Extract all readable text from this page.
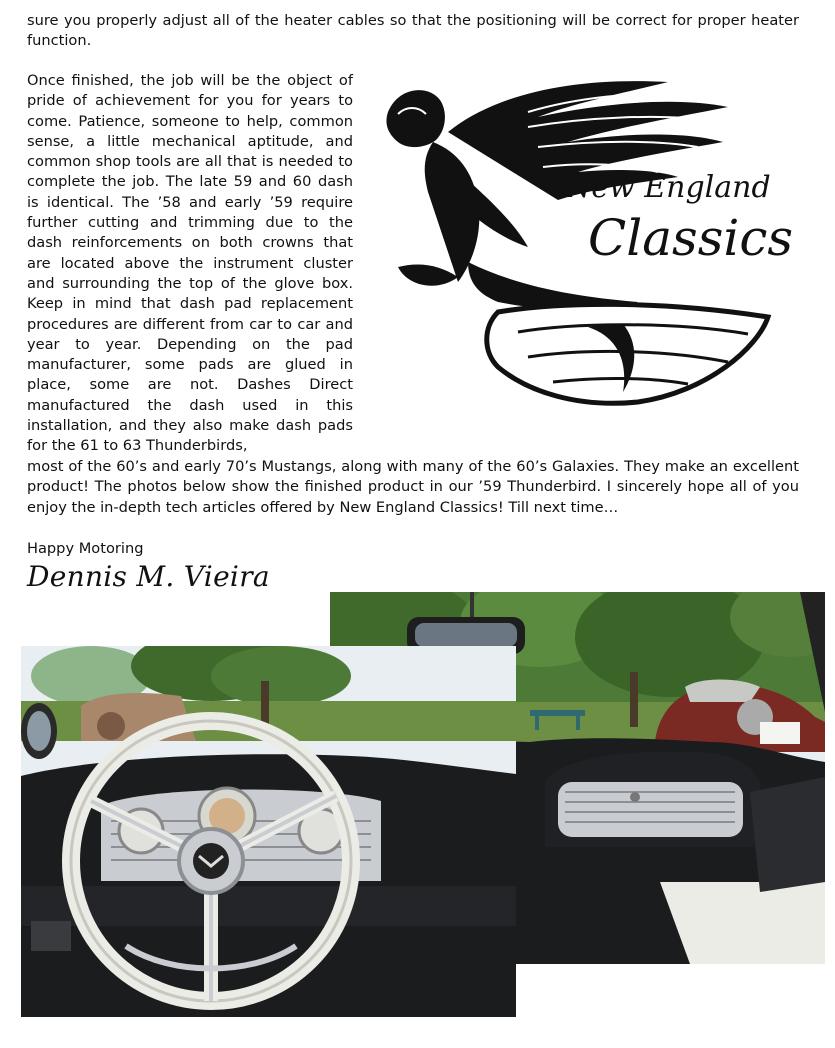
sure you properly adjust all of the heater cables so that the positioning will be correct for proper heater function.

Once finished, the job will be the object of pride of achievement for you for years to come. Patience, someone to help, common sense, a little mechanical aptitude, and common shop tools are all that is needed to complete the job. The late 59 and 60 dash is identical. The ’58 and early ’59 require further cutting and trimming due to the dash reinforcements on both crowns that are located above the instrument cluster and surrounding the top of the glove box. Keep in mind that dash pad replacement procedures are different from car to car and year to year. Depending on the pad manufacturer, some pads are glued in place, some are not. Dashes Direct manufactured the dash used in this installation, and they also make dash pads for the 61 to 63 Thunderbirds,

New England

Classics

most of the 60’s and early 70’s Mustangs, along with many of the 60’s Galaxies. They make an excellent product! The photos below show the finished product in our ’59 Thunderbird. I sincerely hope all of you enjoy the in-depth tech articles offered by New England Classics! Till next time…

Happy Motoring

Dennis M. Vieira
